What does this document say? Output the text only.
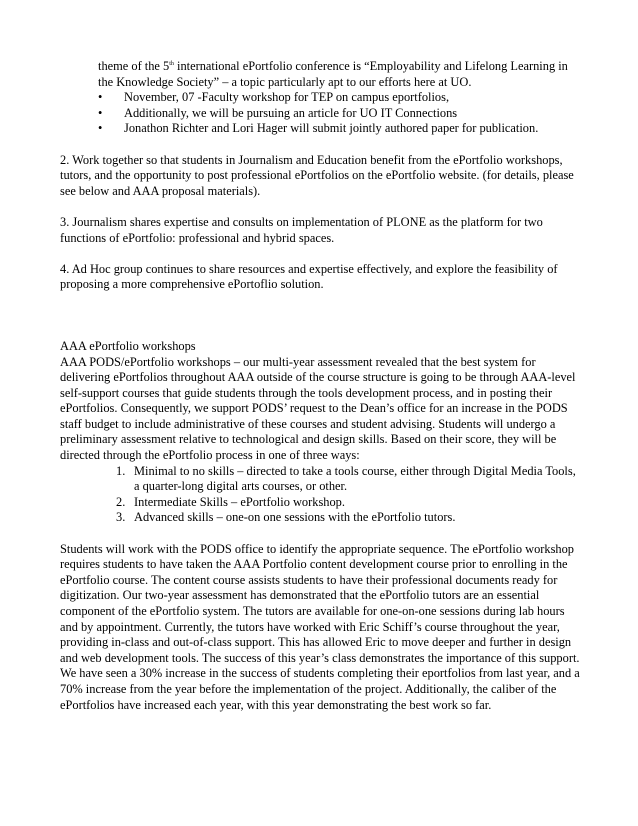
theme of the 5th international ePortfolio conference is “Employability and Lifelong Learning in the Knowledge Society” – a topic particularly apt to our efforts here at UO.

• November, 07 -Faculty workshop for TEP on campus eportfolios,
• Additionally, we will be pursuing an article for UO IT Connections
• Jonathon Richter and Lori Hager will submit jointly authored paper for publication.

2. Work together so that students in Journalism and Education benefit from the ePortfolio workshops, tutors, and the opportunity to post professional ePortfolios on the ePortfolio website. (for details, please see below and AAA proposal materials).

3. Journalism shares expertise and consults on implementation of PLONE as the platform for two functions of ePortfolio: professional and hybrid spaces.

4. Ad Hoc group continues to share resources and expertise effectively, and explore the feasibility of proposing a more comprehensive ePortoflio solution.

AAA ePortfolio workshops

AAA PODS/ePortfolio workshops – our multi-year assessment revealed that the best system for delivering ePortfolios throughout AAA outside of the course structure is going to be through AAA-level self-support courses that guide students through the tools development process, and in posting their ePortfolios. Consequently, we support PODS’ request to the Dean’s office for an increase in the PODS staff budget to include administrative of these courses and student advising. Students will undergo a preliminary assessment relative to technological and design skills. Based on their score, they will be directed through the ePortfolio process in one of three ways:

1. Minimal to no skills – directed to take a tools course, either through Digital Media Tools, a quarter-long digital arts courses, or other.
2. Intermediate Skills – ePortfolio workshop.
3. Advanced skills – one-on one sessions with the ePortfolio tutors.

Students will work with the PODS office to identify the appropriate sequence. The ePortfolio workshop requires students to have taken the AAA Portfolio content development course prior to enrolling in the ePortfolio course. The content course assists students to have their professional documents ready for digitization. Our two-year assessment has demonstrated that the ePortfolio tutors are an essential component of the ePortfolio system. The tutors are available for one-on-one sessions during lab hours and by appointment. Currently, the tutors have worked with Eric Schiff’s course throughout the year, providing in-class and out-of-class support. This has allowed Eric to move deeper and further in design and web development tools. The success of this year’s class demonstrates the importance of this support. We have seen a 30% increase in the success of students completing their eportfolios from last year, and a 70% increase from the year before the implementation of the project. Additionally, the caliber of the ePortfolios have increased each year, with this year demonstrating the best work so far.
